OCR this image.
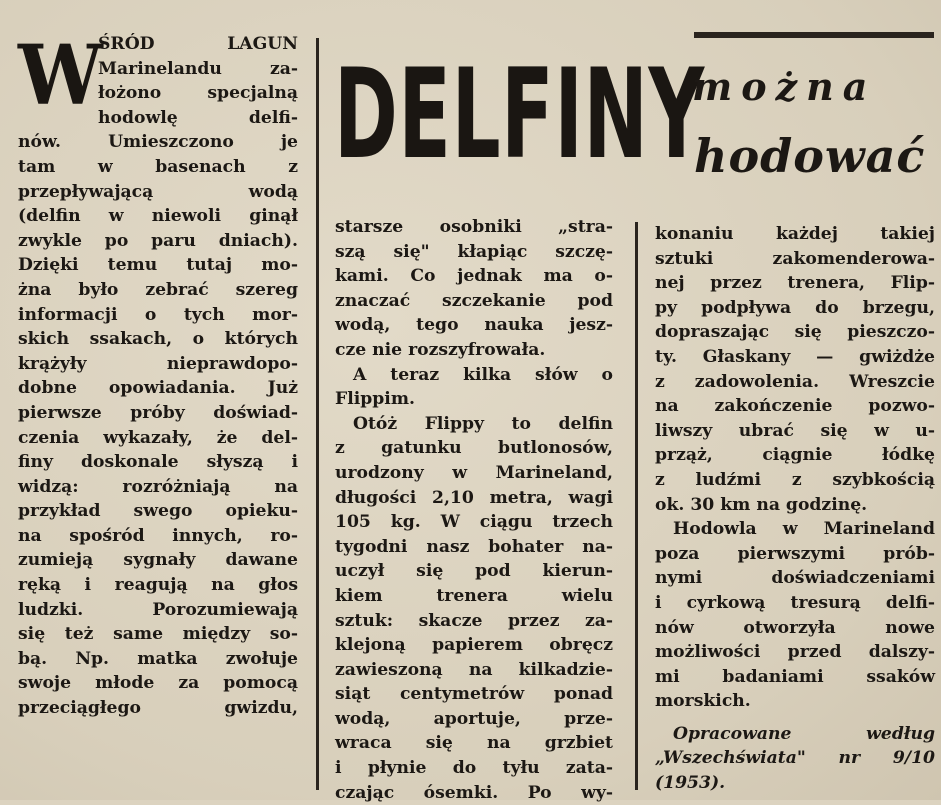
DELFINY
można
hodować
W
ŚRÓD LAGUN
Marinelandu za-
łożono specjalną
hodowlę delfi-
nów. Umieszczono je
tam w basenach z
przepływającą wodą
(delfin w niewoli ginął
zwykle po paru dniach).
Dzięki temu tutaj mo-
żna było zebrać szereg
informacji o tych mor-
skich ssakach, o których
krążyły nieprawdopo-
dobne opowiadania. Już
pierwsze próby doświad-
czenia wykazały, że del-
finy doskonale słyszą i
widzą: rozróżniają na
przykład swego opieku-
na spośród innych, ro-
zumieją sygnały dawane
ręką i reagują na głos
ludzki. Porozumiewają
się też same między so-
bą. Np. matka zwołuje
swoje młode za pomocą
przeciągłego gwizdu,
starsze osobniki „stra-
szą się" kłapiąc szczę-
kami. Co jednak ma o-
znaczać szczekanie pod
wodą, tego nauka jesz-
cze nie rozszyfrowała.
A teraz kilka słów o
Flippim.
Otóż Flippy to delfin
z gatunku butlonosów,
urodzony w Marineland,
długości 2,10 metra, wagi
105 kg. W ciągu trzech
tygodni nasz bohater na-
uczył się pod kierun-
kiem trenera wielu
sztuk: skacze przez za-
klejoną papierem obręcz
zawieszoną na kilkadzie-
siąt centymetrów ponad
wodą, aportuje, prze-
wraca się na grzbiet
i płynie do tyłu zata-
czając ósemki. Po wy-
konaniu każdej takiej
sztuki zakomenderowa-
nej przez trenera, Flip-
py podpływa do brzegu,
dopraszając się pieszczo-
ty. Głaskany — gwiżdże
z zadowolenia. Wreszcie
na zakończenie pozwo-
liwszy ubrać się w u-
prząż, ciągnie łódkę
z ludźmi z szybkością
ok. 30 km na godzinę.
Hodowla w Marineland
poza pierwszymi prób-
nymi doświadczeniami
i cyrkową tresurą delfi-
nów otworzyła nowe
możliwości przed dalszy-
mi badaniami ssaków
morskich.
Opracowane według
„Wszechświata" nr 9/10
(1953).
